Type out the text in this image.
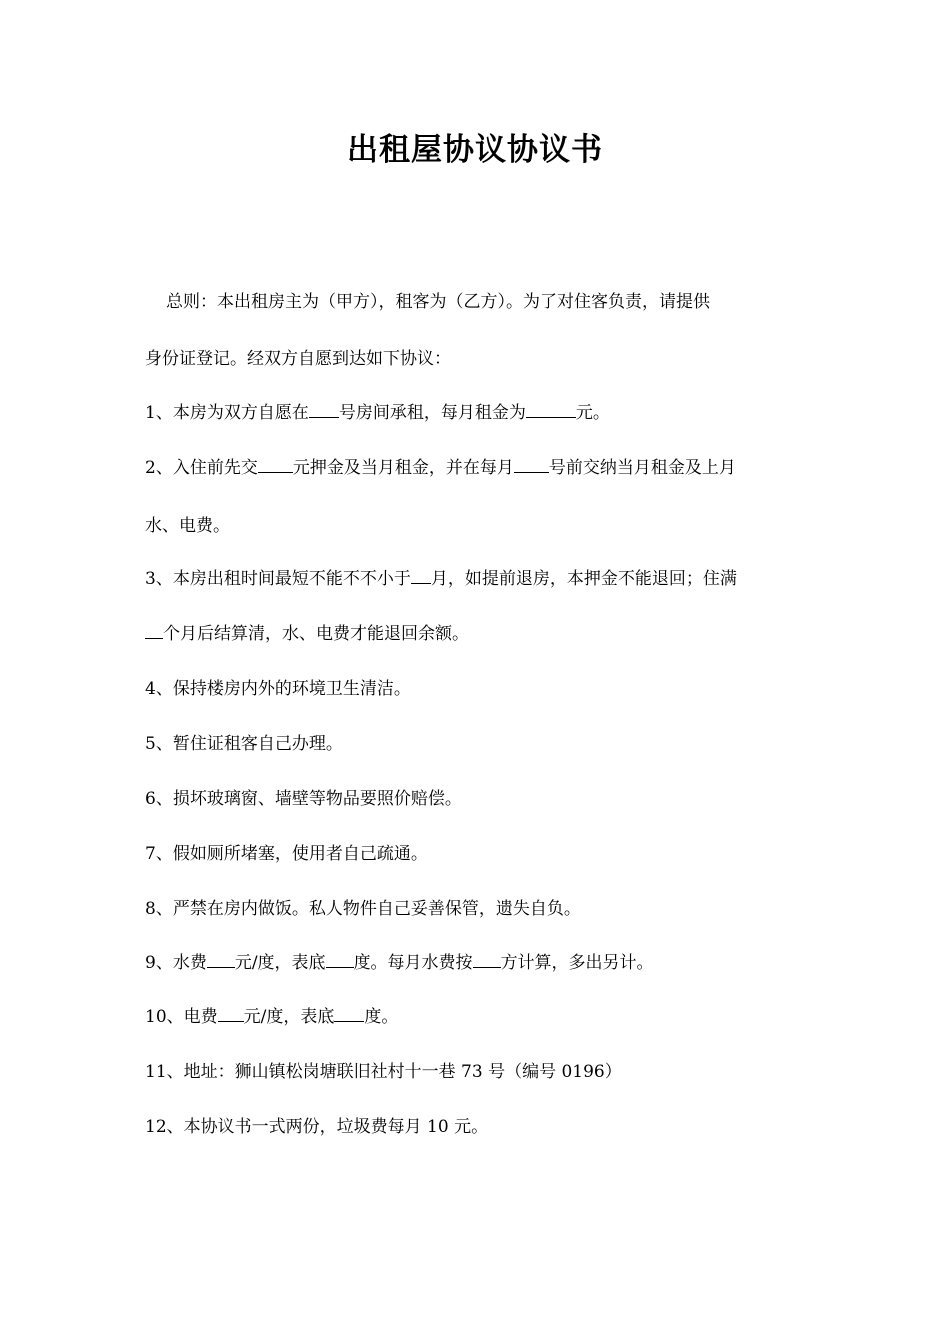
出租屋协议协议书
总则：本出租房主为（甲方），租客为（乙方）。为了对住客负责，请提供
身份证登记。经双方自愿到达如下协议：
1、本房为双方自愿在 号房间承租，每月租金为	元。
2、入住前先交 元押金及当月租金，并在每月 号前交纳当月租金及上月
水、电费。
3、本房出租时间最短不能不不小于 月，如提前退房，本押金不能退回；住满
个月后结算清，水、电费才能退回余额。
4、保持楼房内外的环境卫生清洁。
5、暂住证租客自己办理。
6、损坏玻璃窗、墙壁等物品要照价赔偿。
7、假如厕所堵塞，使用者自己疏通。
8、严禁在房内做饭。私人物件自己妥善保管，遗失自负。
9、水费 元/度，表底 度。每月水费按 方计算，多出另计。
10、电费 元/度，表底 度。
11、地址：狮山镇松岗塘联旧社村十一巷 73 号（编号 0196）
12、本协议书一式两份，垃圾费每月 10 元。
